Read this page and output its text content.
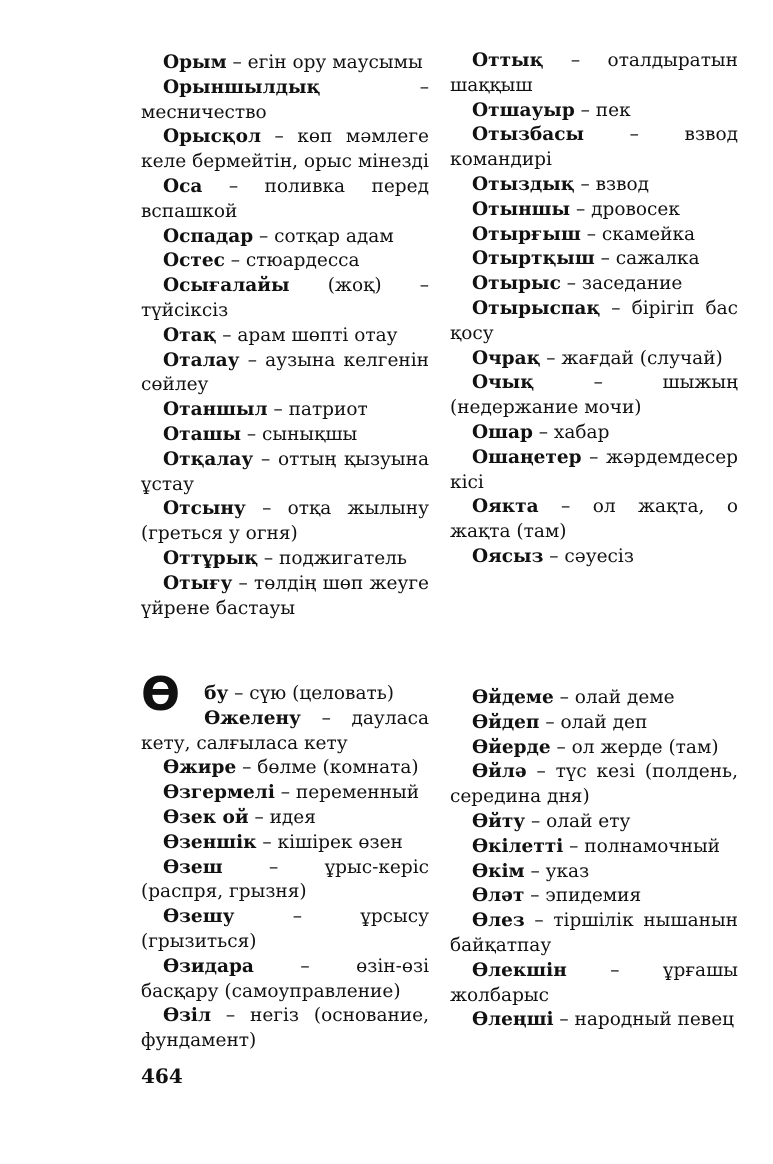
Орым – егін ору маусымы

Орыншылдық – месничество

Орысқол – көп мәмлеге келе бермейтін, орыс мінезді

Оса – поливка перед вспашкой

Оспадар – сотқар адам

Остес – стюардесса

Осығалайы (жоқ) – түйсіксіз

Отақ – арам шөпті отау

Оталау – аузына келгенін сөйлеу

Отаншыл – патриот

Оташы – сынықшы

Отқалау – оттың қызуына ұстау

Отсыну – отқа жылыну (греться у огня)

Оттұрық – поджигатель

Отығу – төлдің шөп жеуге үйрене бастауы

Оттық – оталдыратын шаққыш

Отшауыр – пек

Отызбасы – взвод командирі

Отыздық – взвод

Отыншы – дровосек

Отырғыш – скамейка

Отыртқыш – сажалка

Отырыс – заседание

Отырыспақ – бірігіп бас қосу

Очрақ – жағдай (случай)

Очық – шыжың (недержание мочи)

Ошар – хабар

Ошаңетер – жәрдемдесер кісі

Оякта – ол жақта, о жақта (там)

Оясыз – сәуесіз

Ө бу – сүю (целовать)

Өжелену – дауласа кету, салғыласа кету

Өжире – бөлме (комната)

Өзгермелі – переменный

Өзек ой – идея

Өзеншік – кішірек өзен

Өзеш – ұрыс-керіс (распря, грызня)

Өзешу – ұрсысу (грызиться)

Өзидара – өзін-өзі басқару (самоуправление)

Өзіл – негіз (основание, фундамент)

Өйдеме – олай деме

Өйдеп – олай деп

Өйерде – ол жерде (там)

Өйлә – түс кезі (полдень, середина дня)

Өйту – олай ету

Өкілетті – полнамочный

Өкім – указ

Өләт – эпидемия

Өлез – тіршілік нышанын байқатпау

Өлекшін – ұрғашы жолбарыс

Өлеңші – народный певец

464
